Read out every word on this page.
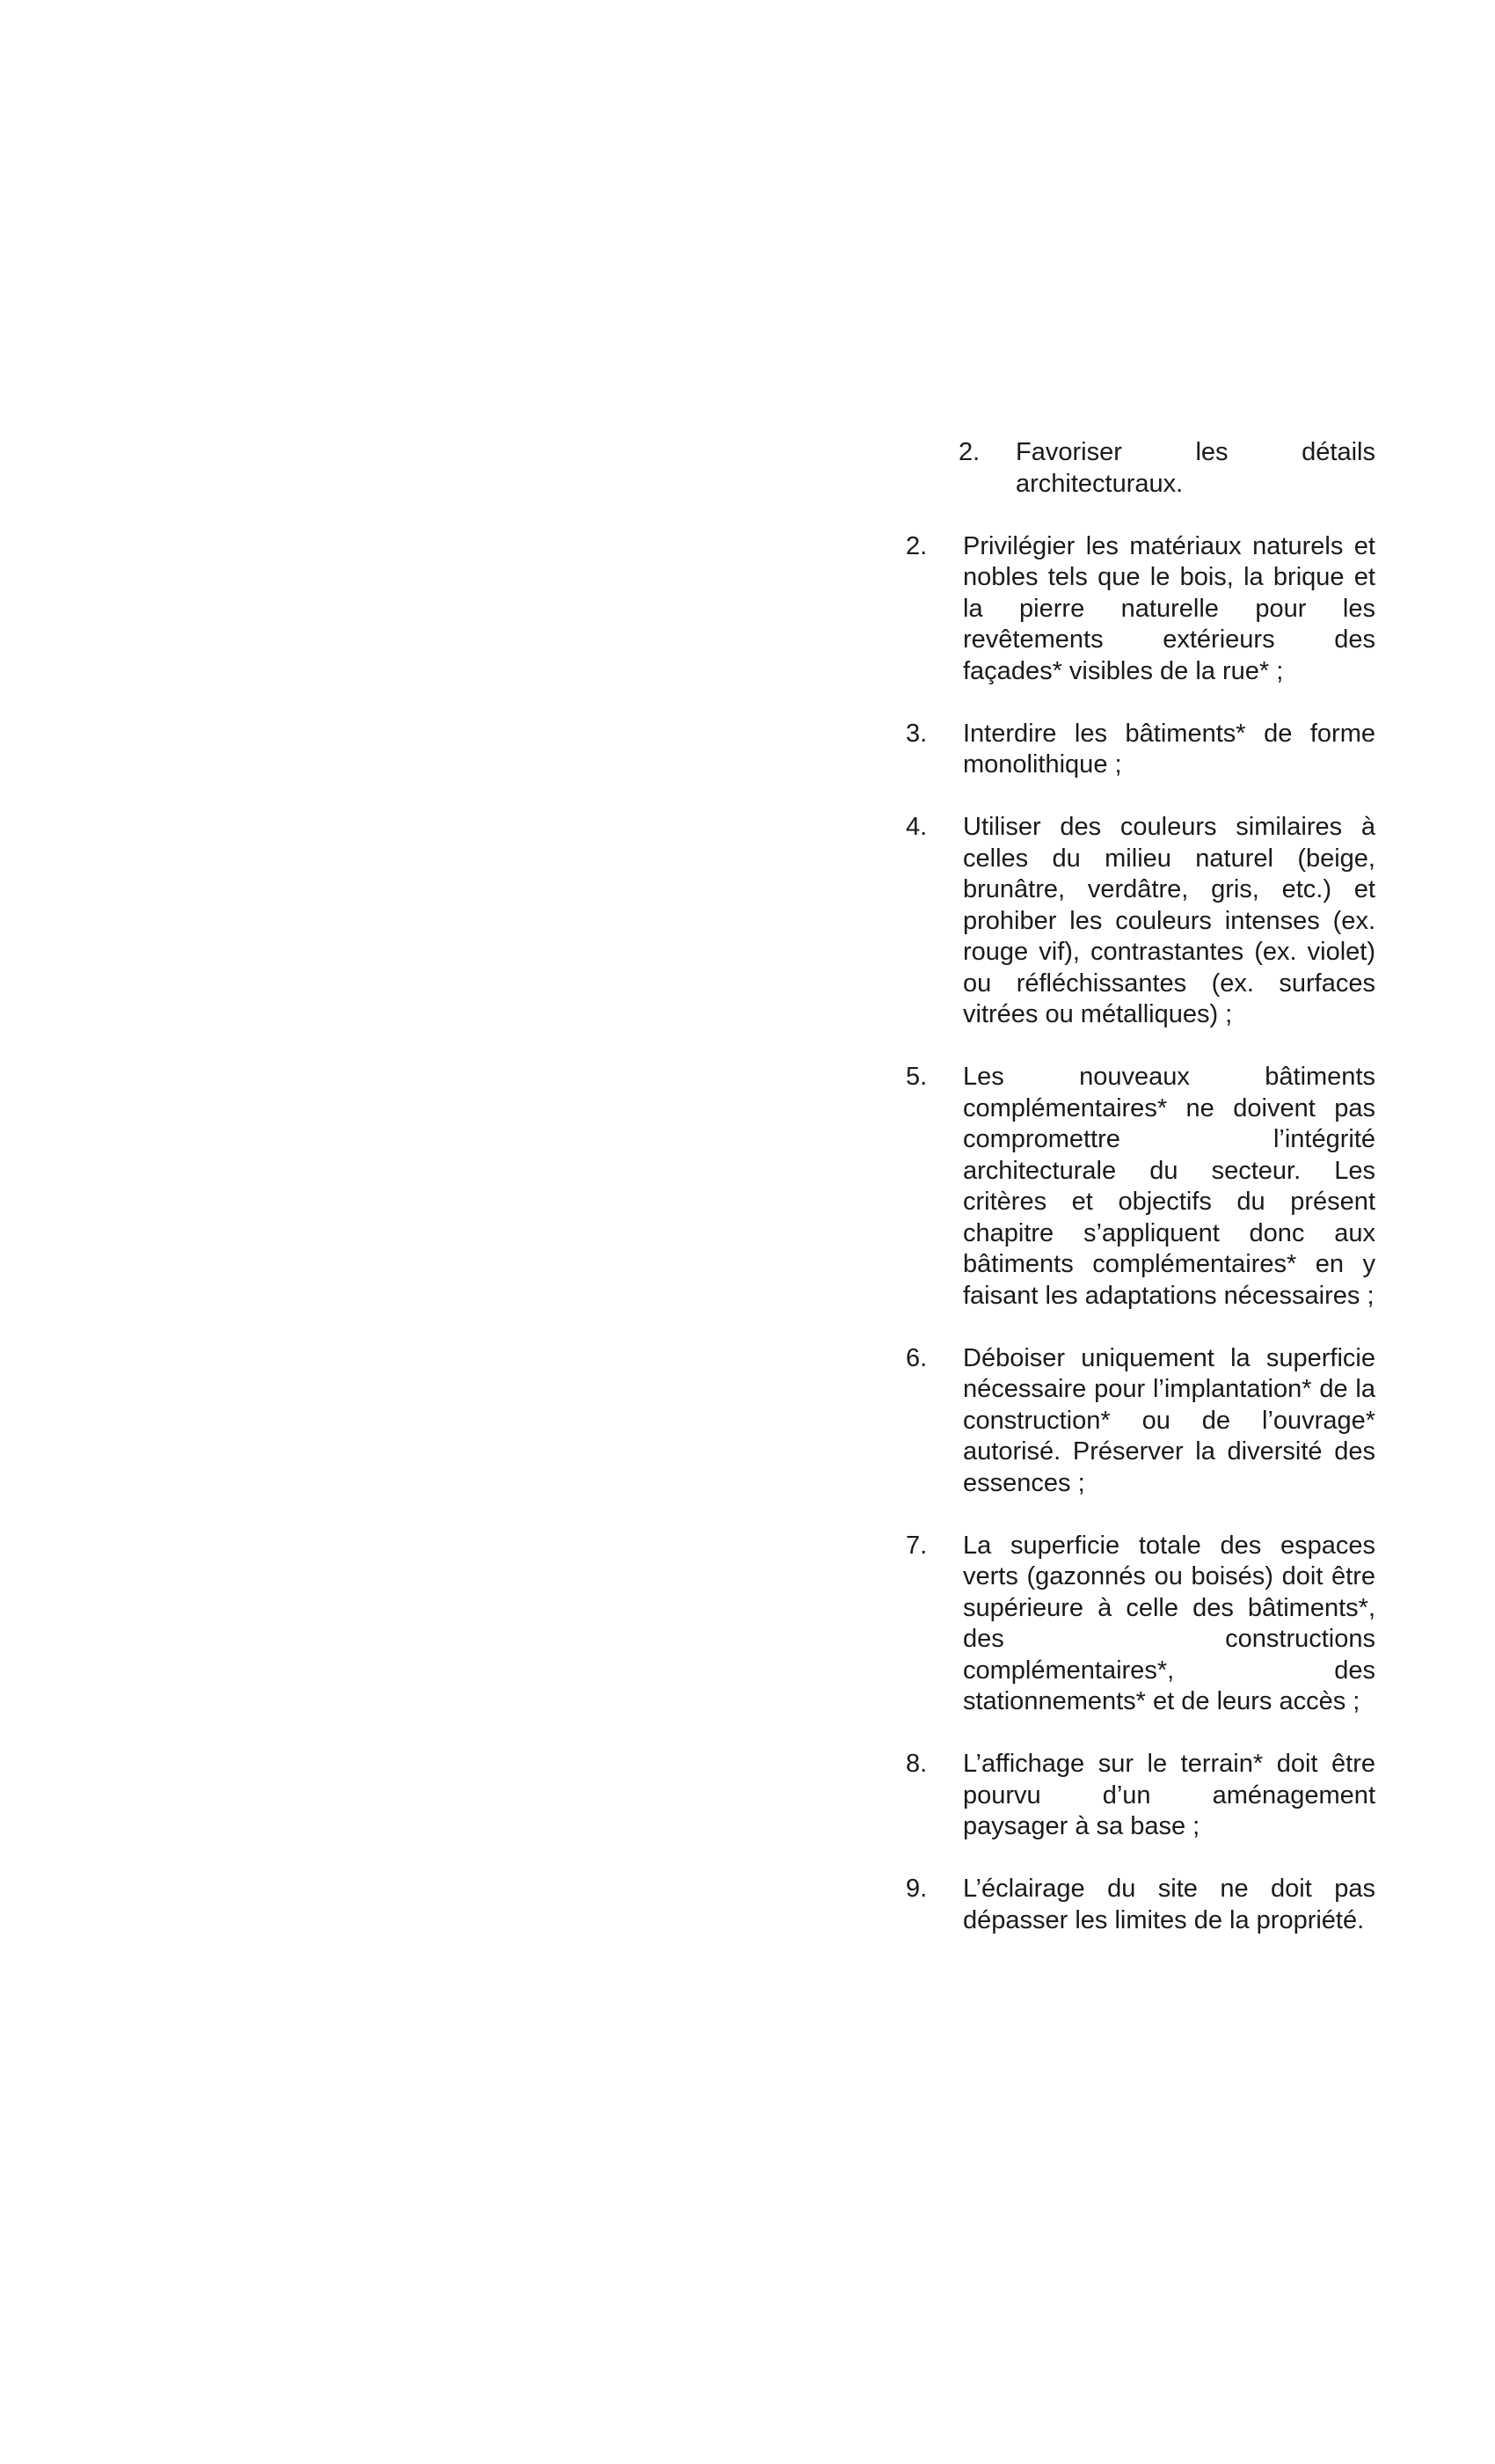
2.	Favoriser les détails architecturaux.
2.	Privilégier les matériaux naturels et nobles tels que le bois, la brique et la pierre naturelle pour les revêtements extérieurs des façades* visibles de la rue* ;
3.	Interdire les bâtiments* de forme monolithique ;
4.	Utiliser des couleurs similaires à celles du milieu naturel (beige, brunâtre, verdâtre, gris, etc.) et prohiber les couleurs intenses (ex. rouge vif), contrastantes (ex. violet) ou réfléchissantes (ex. surfaces vitrées ou métalliques) ;
5.	Les nouveaux bâtiments complémentaires* ne doivent pas compromettre l’intégrité architecturale du secteur. Les critères et objectifs du présent chapitre s’appliquent donc aux bâtiments complémentaires* en y faisant les adaptations nécessaires ;
6.	Déboiser uniquement la superficie nécessaire pour l’implantation* de la construction* ou de l’ouvrage* autorisé. Préserver la diversité des essences ;
7.	La superficie totale des espaces verts (gazonnés ou boisés) doit être supérieure à celle des bâtiments*, des constructions complémentaires*, des stationnements* et de leurs accès ;
8.	L’affichage sur le terrain* doit être pourvu d’un aménagement paysager à sa base ;
9.	L’éclairage du site ne doit pas dépasser les limites de la propriété.
